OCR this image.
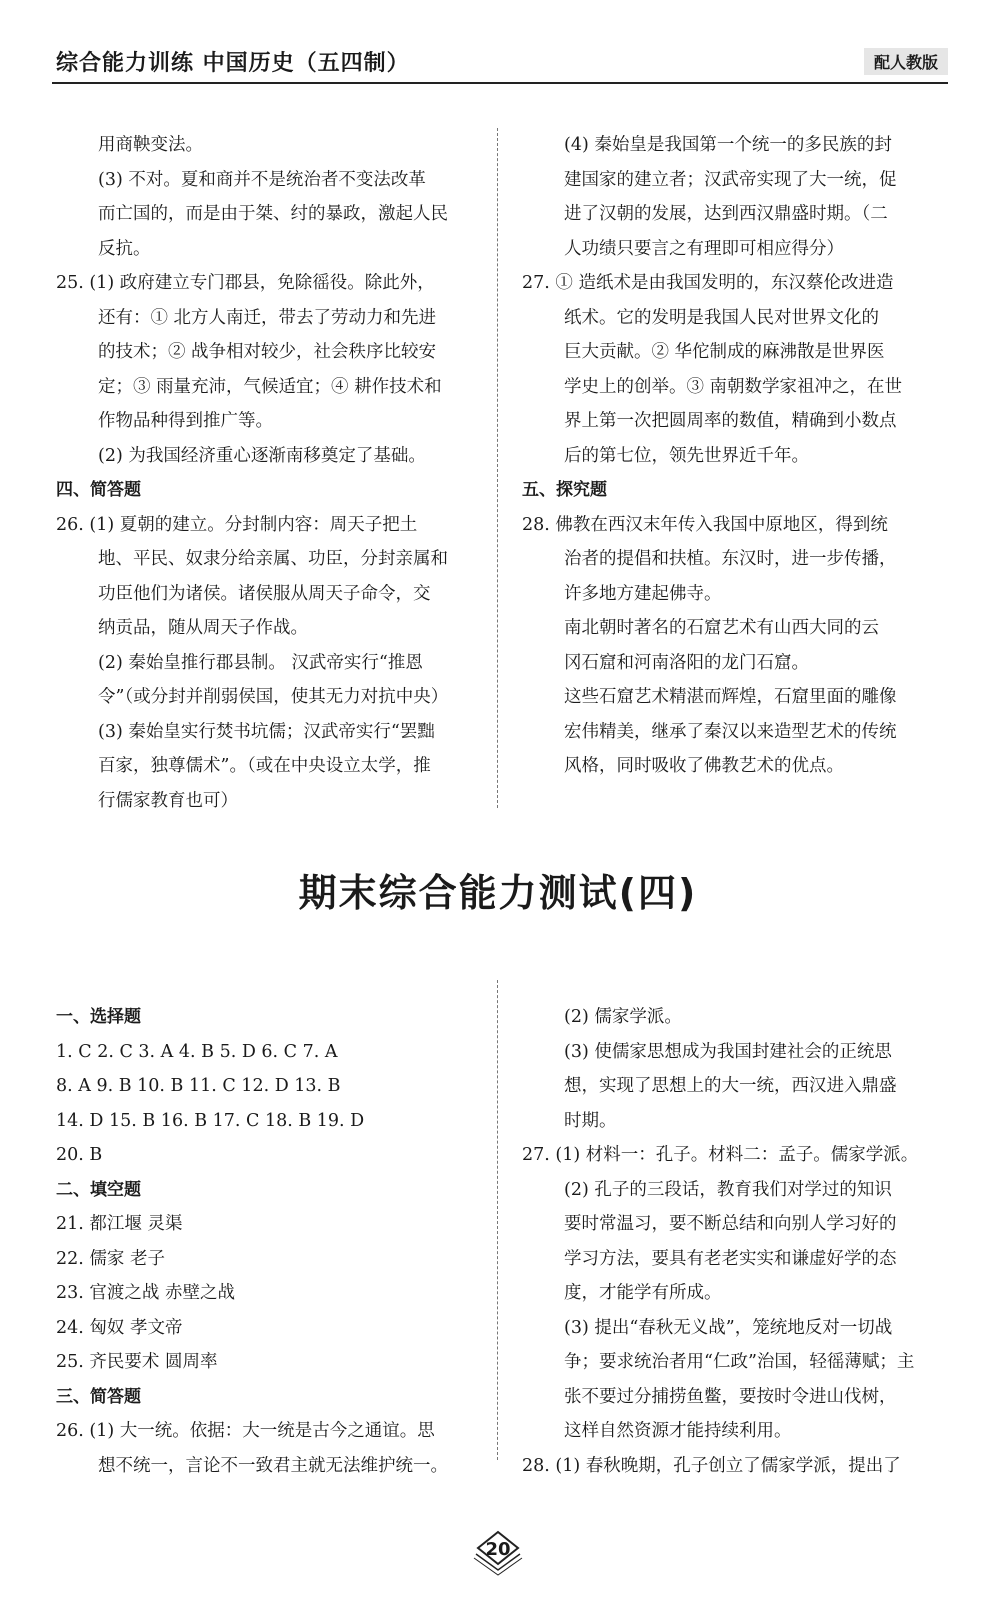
综合能力训练 中国历史（五四制）	配人教版
用商鞅变法。
(3) 不对。夏和商并不是统治者不变法改革
而亡国的，而是由于桀、纣的暴政，激起人民
反抗。
25. (1) 政府建立专门郡县，免除徭役。除此外，
还有：① 北方人南迁，带去了劳动力和先进
的技术；② 战争相对较少，社会秩序比较安
定；③ 雨量充沛，气候适宜；④ 耕作技术和
作物品种得到推广等。
(2) 为我国经济重心逐渐南移奠定了基础。
四、简答题
26. (1) 夏朝的建立。分封制内容：周天子把土
地、平民、奴隶分给亲属、功臣，分封亲属和
功臣他们为诸侯。诸侯服从周天子命令，交
纳贡品，随从周天子作战。
(2) 秦始皇推行郡县制。 汉武帝实行“推恩
令”（或分封并削弱侯国，使其无力对抗中央）
(3) 秦始皇实行焚书坑儒；汉武帝实行“罢黜
百家，独尊儒术”。（或在中央设立太学，推
行儒家教育也可）
(4) 秦始皇是我国第一个统一的多民族的封
建国家的建立者；汉武帝实现了大一统，促
进了汉朝的发展，达到西汉鼎盛时期。（二
人功绩只要言之有理即可相应得分）
27. ① 造纸术是由我国发明的，东汉蔡伦改进造
纸术。它的发明是我国人民对世界文化的
巨大贡献。② 华佗制成的麻沸散是世界医
学史上的创举。③ 南朝数学家祖冲之，在世
界上第一次把圆周率的数值，精确到小数点
后的第七位，领先世界近千年。
五、探究题
28. 佛教在西汉末年传入我国中原地区，得到统
治者的提倡和扶植。东汉时，进一步传播，
许多地方建起佛寺。
南北朝时著名的石窟艺术有山西大同的云
冈石窟和河南洛阳的龙门石窟。
这些石窟艺术精湛而辉煌，石窟里面的雕像
宏伟精美，继承了秦汉以来造型艺术的传统
风格，同时吸收了佛教艺术的优点。
期末综合能力测试(四)
一、选择题
1. C 2. C 3. A 4. B 5. D 6. C 7. A
8. A 9. B 10. B 11. C 12. D 13. B
14. D 15. B 16. B 17. C 18. B 19. D
20. B
二、填空题
21. 都江堰 灵渠
22. 儒家 老子
23. 官渡之战 赤壁之战
24. 匈奴 孝文帝
25. 齐民要术 圆周率
三、简答题
26. (1) 大一统。依据：大一统是古今之通谊。思
想不统一，言论不一致君主就无法维护统一。
(2) 儒家学派。
(3) 使儒家思想成为我国封建社会的正统思
想，实现了思想上的大一统，西汉进入鼎盛
时期。
27. (1) 材料一：孔子。材料二：孟子。儒家学派。
(2) 孔子的三段话，教育我们对学过的知识
要时常温习，要不断总结和向别人学习好的
学习方法，要具有老老实实和谦虚好学的态
度，才能学有所成。
(3) 提出“春秋无义战”，笼统地反对一切战
争；要求统治者用“仁政”治国，轻徭薄赋；主
张不要过分捕捞鱼鳖，要按时令进山伐树，
这样自然资源才能持续利用。
28. (1) 春秋晚期，孔子创立了儒家学派，提出了
20
